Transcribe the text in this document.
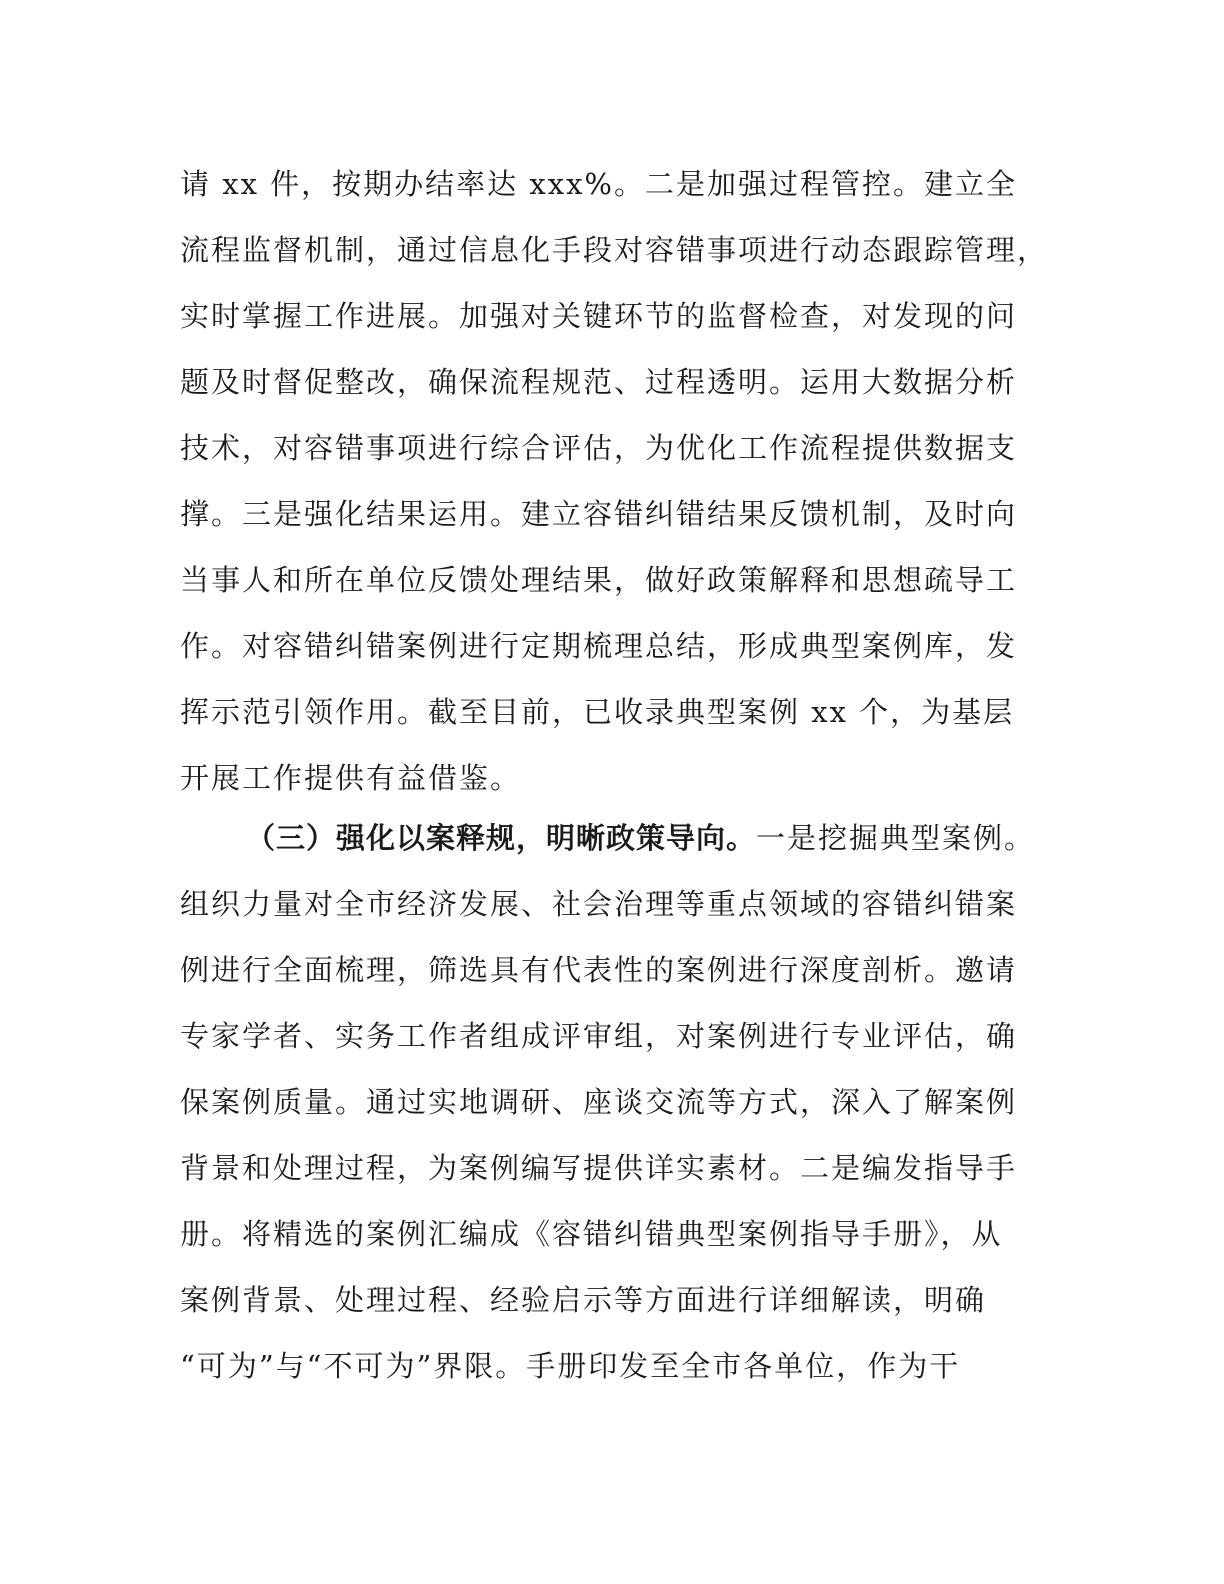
请 xx 件，按期办结率达 xxx%。二是加强过程管控。建立全
流程监督机制，通过信息化手段对容错事项进行动态跟踪管理，
实时掌握工作进展。加强对关键环节的监督检查，对发现的问
题及时督促整改，确保流程规范、过程透明。运用大数据分析
技术，对容错事项进行综合评估，为优化工作流程提供数据支
撑。三是强化结果运用。建立容错纠错结果反馈机制，及时向
当事人和所在单位反馈处理结果，做好政策解释和思想疏导工
作。对容错纠错案例进行定期梳理总结，形成典型案例库，发
挥示范引领作用。截至目前，已收录典型案例 xx 个，为基层
开展工作提供有益借鉴。
（三）强化以案释规，明晰政策导向。一是挖掘典型案例。
组织力量对全市经济发展、社会治理等重点领域的容错纠错案
例进行全面梳理，筛选具有代表性的案例进行深度剖析。邀请
专家学者、实务工作者组成评审组，对案例进行专业评估，确
保案例质量。通过实地调研、座谈交流等方式，深入了解案例
背景和处理过程，为案例编写提供详实素材。二是编发指导手
册。将精选的案例汇编成《容错纠错典型案例指导手册》，从
案例背景、处理过程、经验启示等方面进行详细解读，明确
“可为”与“不可为”界限。手册印发至全市各单位，作为干
